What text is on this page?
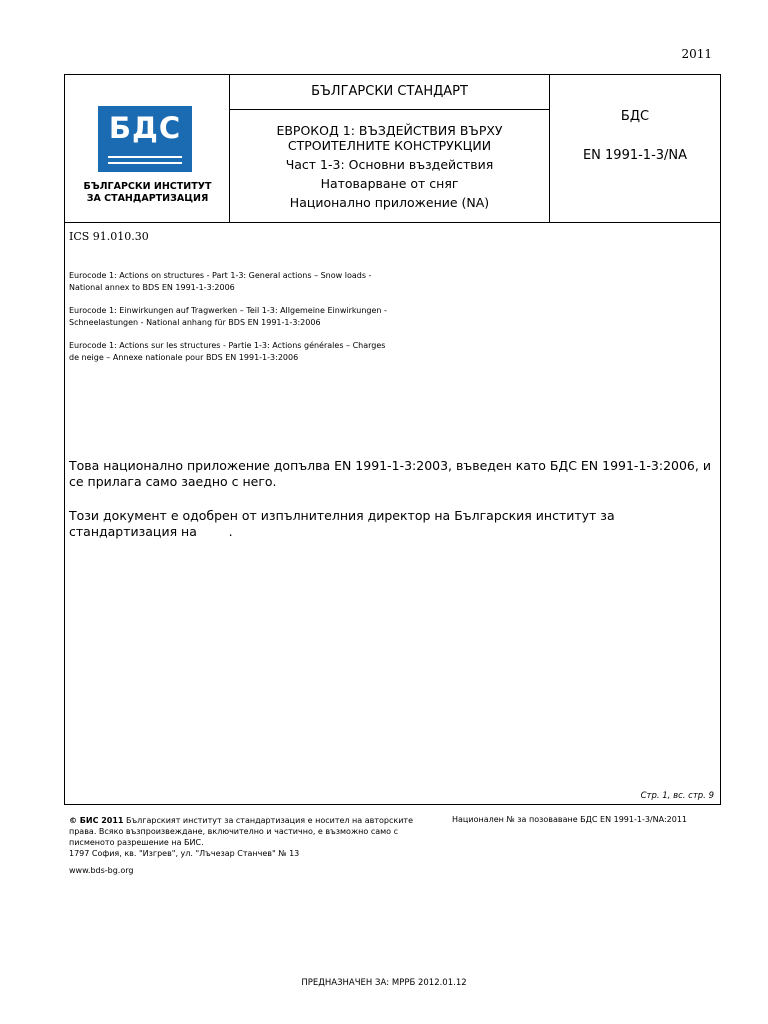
2011
БДС
БЪЛГАРСКИ ИНСТИТУТ
ЗА СТАНДАРТИЗАЦИЯ
БЪЛГАРСКИ СТАНДАРТ
ЕВРОКОД 1: ВЪЗДЕЙСТВИЯ ВЪРХУ
СТРОИТЕЛНИТЕ КОНСТРУКЦИИ
Част 1-3: Основни въздействия
Натоварване от сняг
Национално приложение (NA)
БДС
EN 1991-1-3/NA
ICS 91.010.30

Eurocode 1: Actions on structures - Part 1-3: General actions – Snow loads - National annex to BDS EN 1991-1-3:2006

Eurocode 1: Einwirkungen auf Tragwerken – Teil 1-3: Allgemeine Einwirkungen - Schneelastungen - National anhang für BDS EN 1991-1-3:2006

Eurocode 1: Actions sur les structures - Partie 1-3: Actions générales – Charges de neige – Annexe nationale pour BDS EN 1991-1-3:2006

Това национално приложение допълва EN 1991-1-3:2003, въведен като БДС EN 1991-1-3:2006, и се прилага само заедно с него.

Този документ е одобрен от изпълнителния директор на Българския институт за стандартизация на        .

Стр. 1, вс. стр. 9
© БИС 2011 Българският институт за стандартизация е носител на авторските права. Всяко възпроизвеждане, включително и частично, е възможно само с писменото разрешение на БИС.
1797 София, кв. "Изгрев", ул. "Лъчезар Станчев" № 13
www.bds-bg.org
Национален № за позоваване БДС EN 1991-1-3/NA:2011
ПРЕДНАЗНАЧЕН ЗА: МРРБ 2012.01.12
